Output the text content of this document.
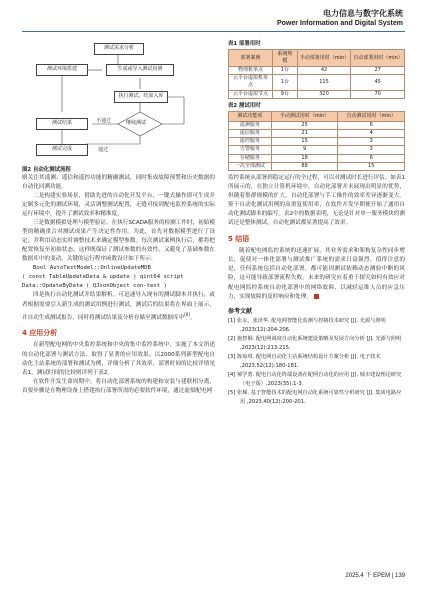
电力信息与数字化系统
Power Information and Digital System
测试需求分析
测试环境搭建	生成或导入测试用例
执行测试，结果入库
测试结果
测试完成
继续测试
不通过
通过

图2 自动化测试流程

则关注其遥测、遥信和遥控功能的精确测试，同时集成故障预警和历史数据的自动化回溯功能。

二是构建实验场景，借助先进的自动化开发平台，一键式操作即可生成并定制多元化的测试环境，灵活调整测试配置，无缝对接到配电监控系统的实际运行环境中，提升了测试效率和精准度。

三是数据模拟处理与模型验证。在执行SCADA服务的检测工作时，初始模型的精确重合对测试成果产生决定性作用。为此，首先对数据模型进行了设定，并利用动态实时调整技术来确定模型参数。每次测试案例执行后，都将把配置恢复至初始状态，这样既保证了测试参数的有效性，又避免了基础参数在数据库中的变动。关键的运行程序函数设计如下所示：

Bool AutoTestModel::OnlineUpdateMDB

( const TableUpdateData & update ) qint64 script

Data::UpdateByData ( QJsonObject con-text )

四是执行自动化测试并结果解析。可迅速导入现有的测试脚本并执行，或者根据需要引入新生成的测试用例进行测试，测试后的结果将在界面上展示，并自动生成测试报告，同时将测试结果及分析存储至测试数据库中[6]。

4 应用分析

在新型配电网的中央监控系统和中央的集中监控系统中，实施了本文所述的自动化部署与测试方法，取得了显著的应用效果。以2000系列新型配电自动化主站系统的部署和测试为例，详细分析了其效率，部署时间的比较详情见表1，测试时间的比较则详列于表2。

在软件开发生命周期中，将自动化部署系统的构建和安装与建联相分离，首要步骤是在物理设备上搭建执行部署所需的必要软件环境，通过虚拟配电网

表1 部署用时

部署案例	系统规模	手动部署用时（min）	自动部署用时（min）
物理机单点	1台	42	27
云平台虚拟机单点	1台	115	45
云平台虚拟节点	9台	320	70

表2 测试用时

测试功能项	手动测试用时（min）	自动测试用时（min）
遥测服务	25	6
遥信服务	21	4
遥控服务	15	3
告警服务	9	3
存储服务	18	6
一次全部测试	88	15

监控系统从部署到稳定运行的全过程，可以对测试时长进行评估。如表1所展示的，在独立计算机环境中，自动化部署并未展现出明显的优势，但随着集群规模的扩大，自动化部署与手工操作的效率差异逐渐变大。鉴于自动化测试用例的高重复使用率，在软件开发早期便开始了通用自动化测试脚本的编写。表2中的数据表明，无论是针对单一服务模块的测试还是整体测试，自动化测试都显著提高了效率。

5 结语

随着配电网监控系统的迅速扩展，其业务需求和架构复杂性同步增长，促使对一体化部署与测试推广系统的需求日益强烈。值得注意的是，任何系统包括自动化部署，都可能因测试依赖动态测验中断的风险，这可能导致部署流程失败。未来的研究应着重于探究如何有效应对配电网监控系统自动化部署中的网络故障，以减轻运维人员的应急压力，实现故障的及时响应和处理。

参考文献

[1] 张永，张泽华. 配电网智能化监测与控制技术研究 [J]. 光源与照明 ,2023(12):204-206.

[2] 施智桐. 配电网调度自动化系统建设策略及发展方向分析 [J]. 光源与照明 ,2023(12):213-215.

[3] 陈琼琪. 配电网自动化主站系统结构设计方案分析 [J]. 电子技术 ,2023,52(12):180-181.

[4] 郝学勇. 配电自动化终端设备在配网自动化的应用 [J]. 城市建设理论研究（电子版）,2023(35):1-3.

[5] 张梯. 基于智能技术的配电网自动化系统可靠性分析研究 [J]. 集成电路应用 ,2023,40(12):200-201.

2025.4 下 EPEM | 139
